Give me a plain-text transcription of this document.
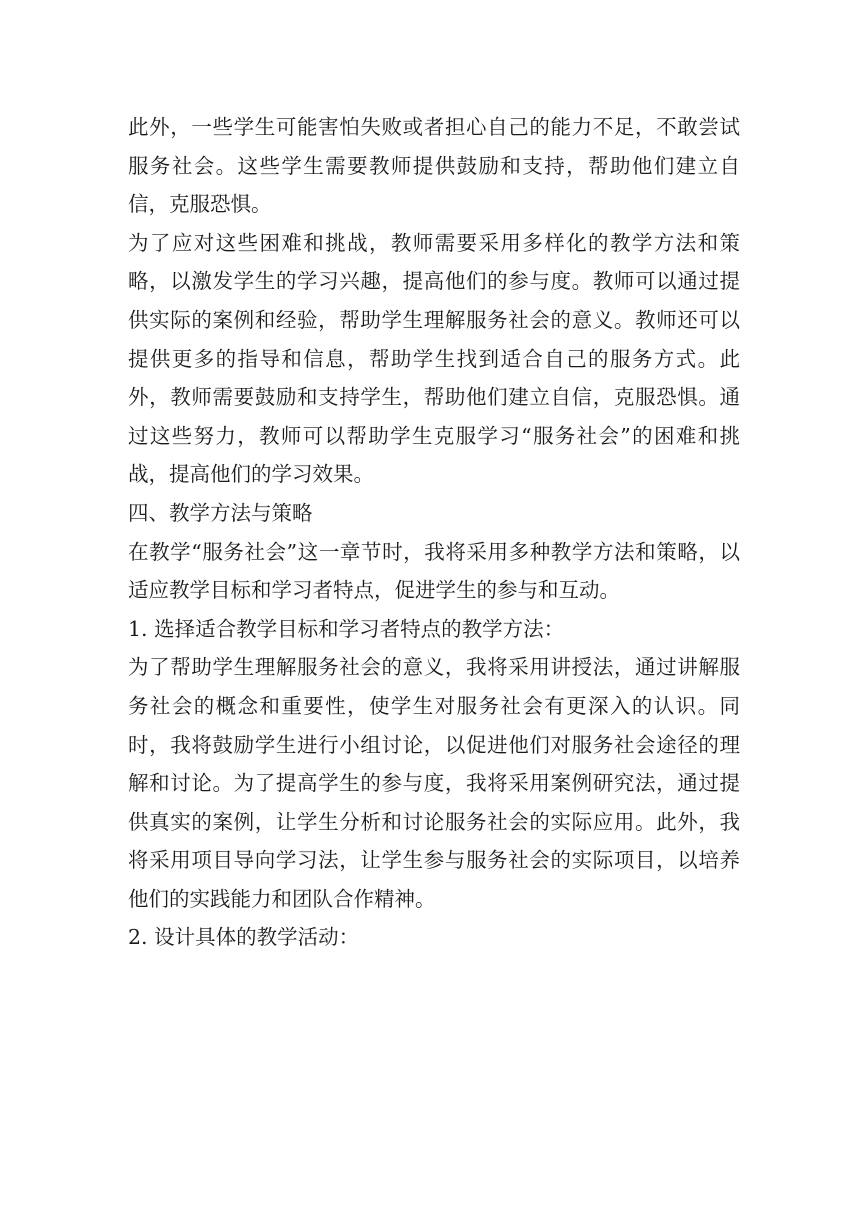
此外，一些学生可能害怕失败或者担心自己的能力不足，不敢尝试服务社会。这些学生需要教师提供鼓励和支持，帮助他们建立自信，克服恐惧。

为了应对这些困难和挑战，教师需要采用多样化的教学方法和策略，以激发学生的学习兴趣，提高他们的参与度。教师可以通过提供实际的案例和经验，帮助学生理解服务社会的意义。教师还可以提供更多的指导和信息，帮助学生找到适合自己的服务方式。此外，教师需要鼓励和支持学生，帮助他们建立自信，克服恐惧。通过这些努力，教师可以帮助学生克服学习“服务社会”的困难和挑战，提高他们的学习效果。

四、教学方法与策略

在教学“服务社会”这一章节时，我将采用多种教学方法和策略，以适应教学目标和学习者特点，促进学生的参与和互动。

1. 选择适合教学目标和学习者特点的教学方法：

为了帮助学生理解服务社会的意义，我将采用讲授法，通过讲解服务社会的概念和重要性，使学生对服务社会有更深入的认识。同时，我将鼓励学生进行小组讨论，以促进他们对服务社会途径的理解和讨论。为了提高学生的参与度，我将采用案例研究法，通过提供真实的案例，让学生分析和讨论服务社会的实际应用。此外，我将采用项目导向学习法，让学生参与服务社会的实际项目，以培养他们的实践能力和团队合作精神。

2. 设计具体的教学活动：
